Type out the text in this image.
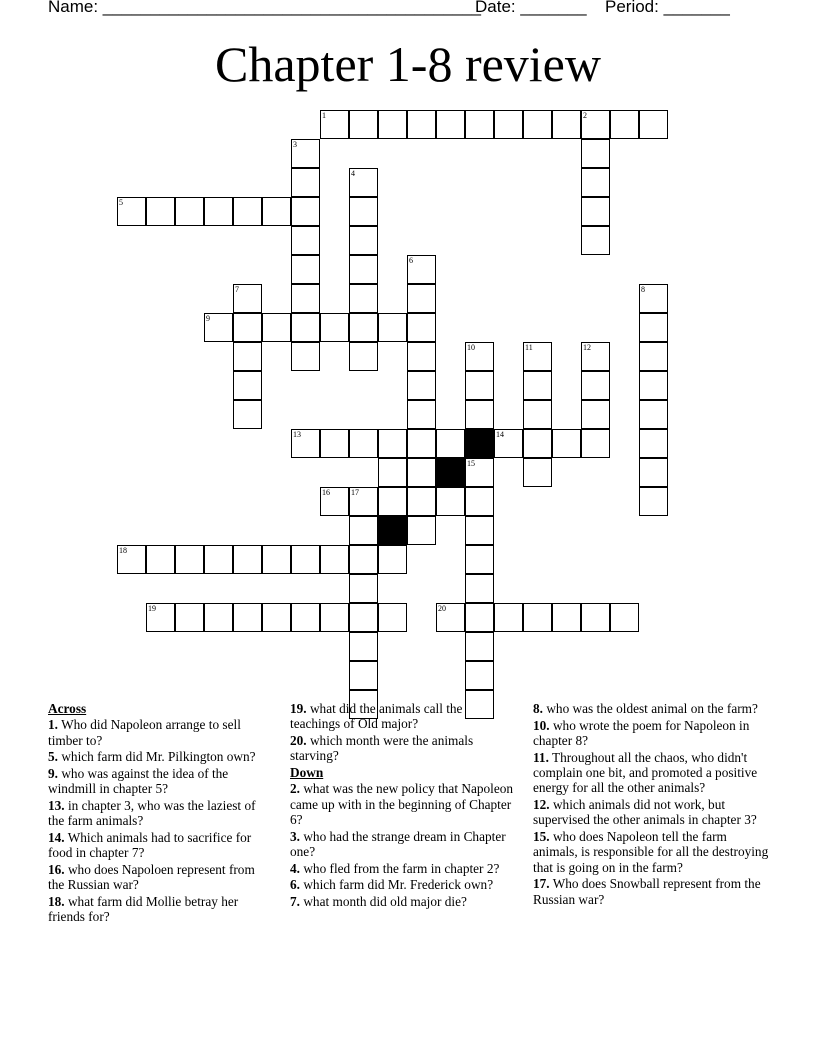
Name: ________________________________________
Date: _______ Period: _______
Chapter 1-8 review
1	2
5
9
13	14
16	17
18
19	20
3
4
6
7	8
10
15
11	12
Across
1. Who did Napoleon arrange to sell timber to?
5. which farm did Mr. Pilkington own?
9. who was against the idea of the windmill in chapter 5?
13. in chapter 3, who was the laziest of the farm animals?
14. Which animals had to sacrifice for food in chapter 7?
16. who does Napoloen represent from the Russian war?
18. what farm did Mollie betray her friends for?
19. what did the animals call the teachings of Old major?
20. which month were the animals starving?
Down
2. what was the new policy that Napoleon came up with in the beginning of Chapter 6?
3. who had the strange dream in Chapter one?
4. who fled from the farm in chapter 2?
6. which farm did Mr. Frederick own?
7. what month did old major die?
8. who was the oldest animal on the farm?
10. who wrote the poem for Napoleon in chapter 8?
11. Throughout all the chaos, who didn't complain one bit, and promoted a positive energy for all the other animals?
12. which animals did not work, but supervised the other animals in chapter 3?
15. who does Napoleon tell the farm animals, is responsible for all the destroying that is going on in the farm?
17. Who does Snowball represent from the Russian war?
